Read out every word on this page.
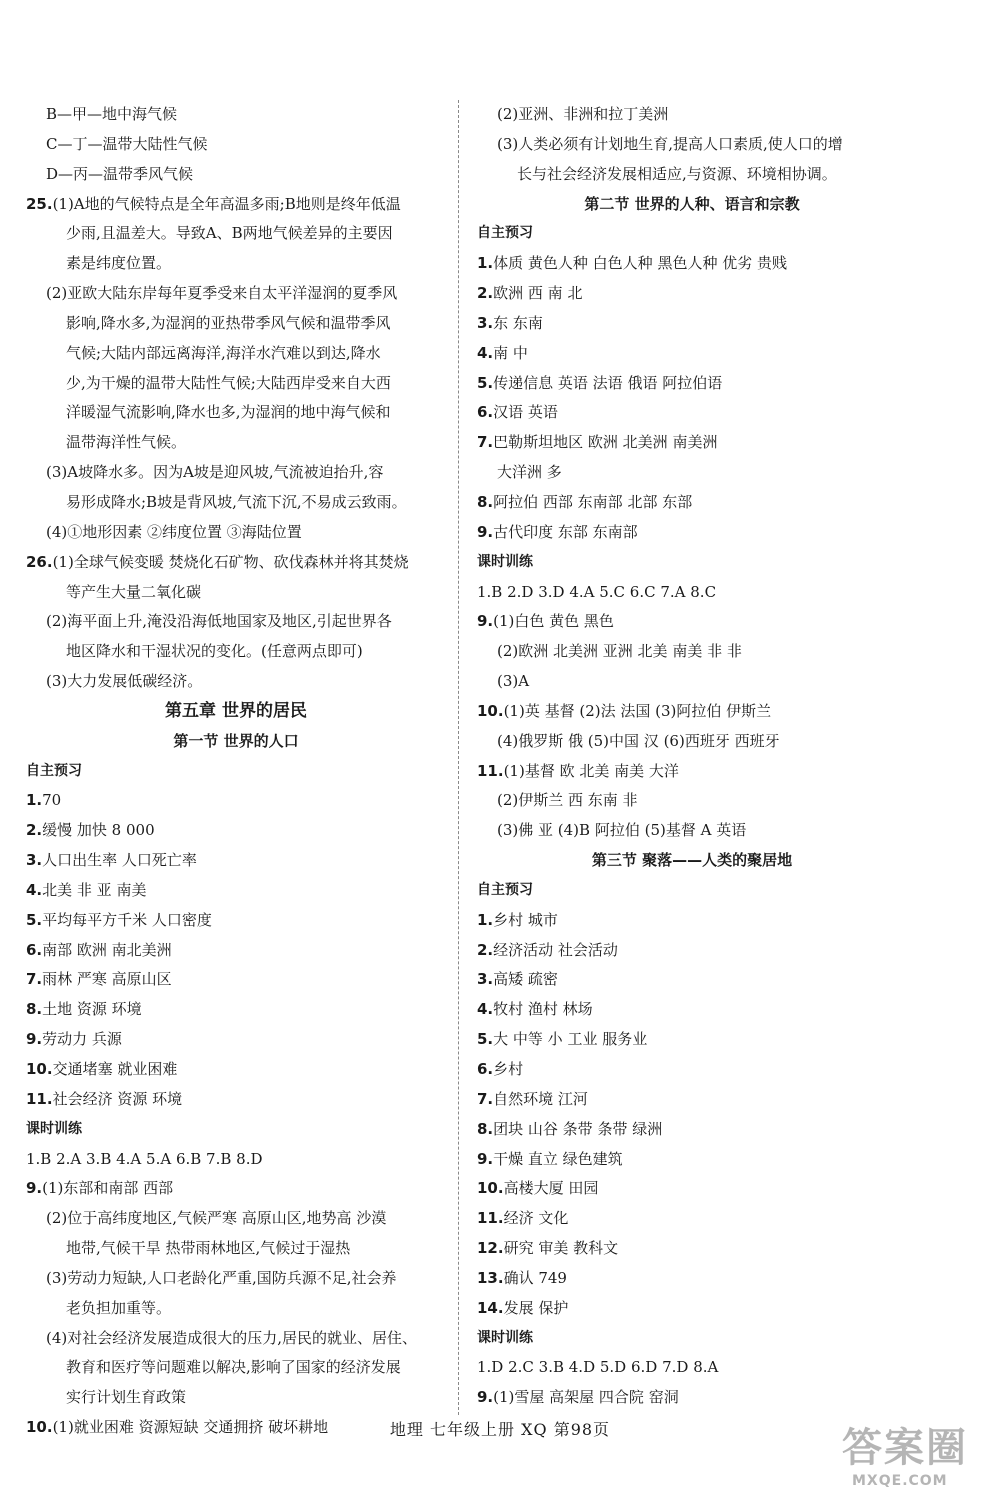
B—甲—地中海气候
C—丁—温带大陆性气候
D—丙—温带季风气候
25.(1)A地的气候特点是全年高温多雨;B地则是终年低温
少雨,且温差大。导致A、B两地气候差异的主要因
素是纬度位置。
(2)亚欧大陆东岸每年夏季受来自太平洋湿润的夏季风
影响,降水多,为湿润的亚热带季风气候和温带季风
气候;大陆内部远离海洋,海洋水汽难以到达,降水
少,为干燥的温带大陆性气候;大陆西岸受来自大西
洋暖湿气流影响,降水也多,为湿润的地中海气候和
温带海洋性气候。
(3)A坡降水多。因为A坡是迎风坡,气流被迫抬升,容
易形成降水;B坡是背风坡,气流下沉,不易成云致雨。
(4)①地形因素 ②纬度位置 ③海陆位置
26.(1)全球气候变暖 焚烧化石矿物、砍伐森林并将其焚烧
等产生大量二氧化碳
(2)海平面上升,淹没沿海低地国家及地区,引起世界各
地区降水和干湿状况的变化。(任意两点即可)
(3)大力发展低碳经济。
第五章 世界的居民
第一节 世界的人口
自主预习
1.70
2.缓慢 加快 8 000
3.人口出生率 人口死亡率
4.北美 非 亚 南美
5.平均每平方千米 人口密度
6.南部 欧洲 南北美洲
7.雨林 严寒 高原山区
8.土地 资源 环境
9.劳动力 兵源
10.交通堵塞 就业困难
11.社会经济 资源 环境
课时训练
1.B 2.A 3.B 4.A 5.A 6.B 7.B 8.D
9.(1)东部和南部 西部
(2)位于高纬度地区,气候严寒 高原山区,地势高 沙漠
地带,气候干旱 热带雨林地区,气候过于湿热
(3)劳动力短缺,人口老龄化严重,国防兵源不足,社会养
老负担加重等。
(4)对社会经济发展造成很大的压力,居民的就业、居住、
教育和医疗等问题难以解决,影响了国家的经济发展
实行计划生育政策
10.(1)就业困难 资源短缺 交通拥挤 破坏耕地
(2)亚洲、非洲和拉丁美洲
(3)人类必须有计划地生育,提高人口素质,使人口的增
长与社会经济发展相适应,与资源、环境相协调。
第二节 世界的人种、语言和宗教
自主预习
1.体质 黄色人种 白色人种 黑色人种 优劣 贵贱
2.欧洲 西 南 北
3.东 东南
4.南 中
5.传递信息 英语 法语 俄语 阿拉伯语
6.汉语 英语
7.巴勒斯坦地区 欧洲 北美洲 南美洲
大洋洲 多
8.阿拉伯 西部 东南部 北部 东部
9.古代印度 东部 东南部
课时训练
1.B 2.D 3.D 4.A 5.C 6.C 7.A 8.C
9.(1)白色 黄色 黑色
(2)欧洲 北美洲 亚洲 北美 南美 非 非
(3)A
10.(1)英 基督 (2)法 法国 (3)阿拉伯 伊斯兰
(4)俄罗斯 俄 (5)中国 汉 (6)西班牙 西班牙
11.(1)基督 欧 北美 南美 大洋
(2)伊斯兰 西 东南 非
(3)佛 亚 (4)B 阿拉伯 (5)基督 A 英语
第三节 聚落——人类的聚居地
自主预习
1.乡村 城市
2.经济活动 社会活动
3.高矮 疏密
4.牧村 渔村 林场
5.大 中等 小 工业 服务业
6.乡村
7.自然环境 江河
8.团块 山谷 条带 条带 绿洲
9.干燥 直立 绿色建筑
10.高楼大厦 田园
11.经济 文化
12.研究 审美 教科文
13.确认 749
14.发展 保护
课时训练
1.D 2.C 3.B 4.D 5.D 6.D 7.D 8.A
9.(1)雪屋 高架屋 四合院 窑洞
地理 七年级上册 XQ 第98页	答案圈
MXQE.COM
